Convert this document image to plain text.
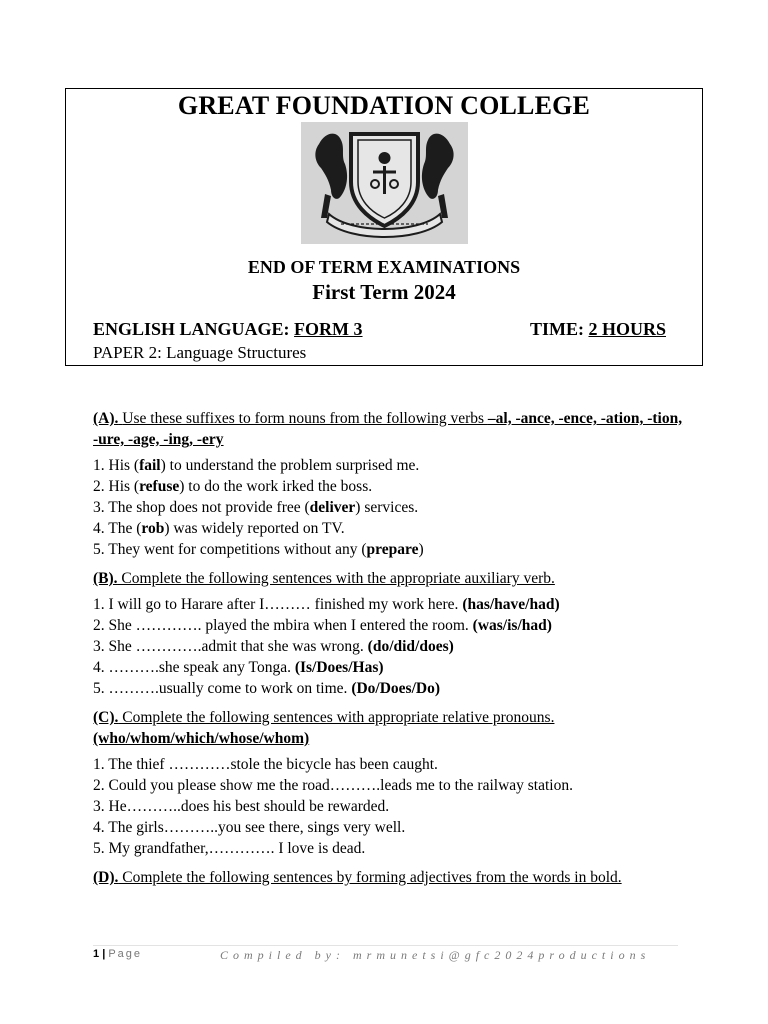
GREAT FOUNDATION COLLEGE
END OF TERM EXAMINATIONS
First Term 2024
ENGLISH LANGUAGE: FORM 3	TIME: 2 HOURS
PAPER 2: Language Structures
(A). Use these suffixes to form nouns from the following verbs –al, -ance, -ence, -ation, -tion, -ure, -age, -ing, -ery
1. His (fail) to understand the problem surprised me.
2. His (refuse) to do the work irked the boss.
3. The shop does not provide free (deliver) services.
4. The (rob) was widely reported on TV.
5. They went for competitions without any (prepare)
(B). Complete the following sentences with the appropriate auxiliary verb.
1. I will go to Harare after I……… finished my work here. (has/have/had)
2. She …………. played the mbira when I entered the room. (was/is/had)
3. She ………….admit that she was wrong. (do/did/does)
4. ……….she speak any Tonga. (Is/Does/Has)
5. ……….usually come to work on time. (Do/Does/Do)
(C). Complete the following sentences with appropriate relative pronouns.
(who/whom/which/whose/whom)
1. The thief …………stole the bicycle has been caught.
2. Could you please show me the road……….leads me to the railway station.
3. He………..does his best should be rewarded.
4. The girls………..you see there, sings very well.
5. My grandfather,…………. I love is dead.
(D). Complete the following sentences by forming adjectives from the words in bold.
1 | Page	Compiled by: mrmunetsi@gfc2024productions
